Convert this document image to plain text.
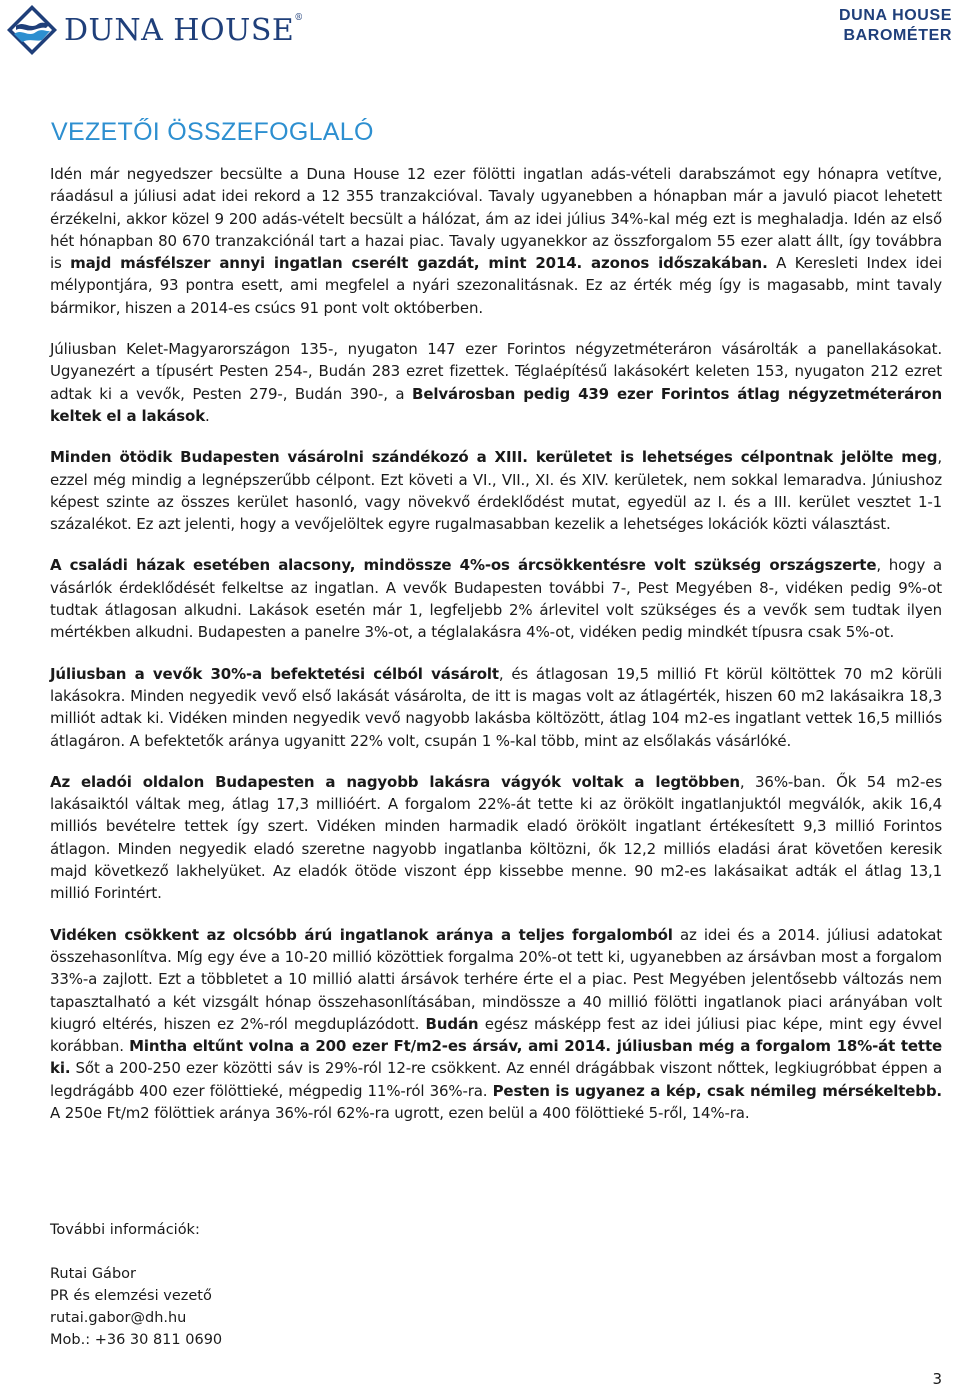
DUNA HOUSE®	DUNA HOUSE
BAROMÉTER
VEZETŐI ÖSSZEFOGLALÓ

Idén már negyedszer becsülte a Duna House 12 ezer fölötti ingatlan adás-vételi darabszámot egy hónapra vetítve, ráadásul a júliusi adat idei rekord a 12 355 tranzakcióval. Tavaly ugyanebben a hónapban már a javuló piacot lehetett érzékelni, akkor közel 9 200 adás-vételt becsült a hálózat, ám az idei július 34%-kal még ezt is meghaladja. Idén az első hét hónapban 80 670 tranzakciónál tart a hazai piac. Tavaly ugyanekkor az összforgalom 55 ezer alatt állt, így továbbra is majd másfélszer annyi ingatlan cserélt gazdát, mint 2014. azonos időszakában. A Keresleti Index idei mélypontjára, 93 pontra esett, ami megfelel a nyári szezonalitásnak. Ez az érték még így is magasabb, mint tavaly bármikor, hiszen a 2014-es csúcs 91 pont volt októberben.

Júliusban Kelet-Magyarországon 135-, nyugaton 147 ezer Forintos négyzetméteráron vásárolták a panellakásokat. Ugyanezért a típusért Pesten 254-, Budán 283 ezret fizettek. Téglaépítésű lakásokért keleten 153, nyugaton 212 ezret adtak ki a vevők, Pesten 279-, Budán 390-, a Belvárosban pedig 439 ezer Forintos átlag négyzetméteráron keltek el a lakások.

Minden ötödik Budapesten vásárolni szándékozó a XIII. kerületet is lehetséges célpontnak jelölte meg, ezzel még mindig a legnépszerűbb célpont. Ezt követi a VI., VII., XI. és XIV. kerületek, nem sokkal lemaradva. Júniushoz képest szinte az összes kerület hasonló, vagy növekvő érdeklődést mutat, egyedül az I. és a III. kerület vesztet 1-1 százalékot. Ez azt jelenti, hogy a vevőjelöltek egyre rugalmasabban kezelik a lehetséges lokációk közti választást.

A családi házak esetében alacsony, mindössze 4%-os árcsökkentésre volt szükség országszerte, hogy a vásárlók érdeklődését felkeltse az ingatlan. A vevők Budapesten további 7-, Pest Megyében 8-, vidéken pedig 9%-ot tudtak átlagosan alkudni. Lakások esetén már 1, legfeljebb 2% árlevitel volt szükséges és a vevők sem tudtak ilyen mértékben alkudni. Budapesten a panelre 3%-ot, a téglalakásra 4%-ot, vidéken pedig mindkét típusra csak 5%-ot.

Júliusban a vevők 30%-a befektetési célból vásárolt, és átlagosan 19,5 millió Ft körül költöttek 70 m2 körüli lakásokra. Minden negyedik vevő első lakását vásárolta, de itt is magas volt az átlagérték, hiszen 60 m2 lakásaikra 18,3 milliót adtak ki. Vidéken minden negyedik vevő nagyobb lakásba költözött, átlag 104 m2-es ingatlant vettek 16,5 milliós átlagáron. A befektetők aránya ugyanitt 22% volt, csupán 1 %-kal több, mint az elsőlakás vásárlóké.

Az eladói oldalon Budapesten a nagyobb lakásra vágyók voltak a legtöbben, 36%-ban. Ők 54 m2-es lakásaiktól váltak meg, átlag 17,3 millióért. A forgalom 22%-át tette ki az örökölt ingatlanjuktól megválók, akik 16,4 milliós bevételre tettek így szert. Vidéken minden harmadik eladó örökölt ingatlant értékesített 9,3 millió Forintos átlagon. Minden negyedik eladó szeretne nagyobb ingatlanba költözni, ők 12,2 milliós eladási árat követően keresik majd következő lakhelyüket. Az eladók ötöde viszont épp kissebbe menne. 90 m2-es lakásaikat adták el átlag 13,1 millió Forintért.

Vidéken csökkent az olcsóbb árú ingatlanok aránya a teljes forgalomból az idei és a 2014. júliusi adatokat összehasonlítva. Míg egy éve a 10-20 millió közöttiek forgalma 20%-ot tett ki, ugyanebben az ársávban most a forgalom 33%-a zajlott. Ezt a többletet a 10 millió alatti ársávok terhére érte el a piac. Pest Megyében jelentősebb változás nem tapasztalható a két vizsgált hónap összehasonlításában, mindössze a 40 millió fölötti ingatlanok piaci arányában volt kiugró eltérés, hiszen ez 2%-ról megduplázódott. Budán egész másképp fest az idei júliusi piac képe, mint egy évvel korábban. Mintha eltűnt volna a 200 ezer Ft/m2-es ársáv, ami 2014. júliusban még a forgalom 18%-át tette ki. Sőt a 200-250 ezer közötti sáv is 29%-ról 12-re csökkent. Az ennél drágábbak viszont nőttek, legkiugróbbat éppen a legdrágább 400 ezer fölöttieké, mégpedig 11%-ról 36%-ra. Pesten is ugyanez a kép, csak némileg mérsékeltebb. A 250e Ft/m2 fölöttiek aránya 36%-ról 62%-ra ugrott, ezen belül a 400 fölöttieké 5-ről, 14%-ra.

További információk:
Rutai Gábor
PR és elemzési vezető
rutai.gabor@dh.hu
Mob.: +36 30 811 0690
3
